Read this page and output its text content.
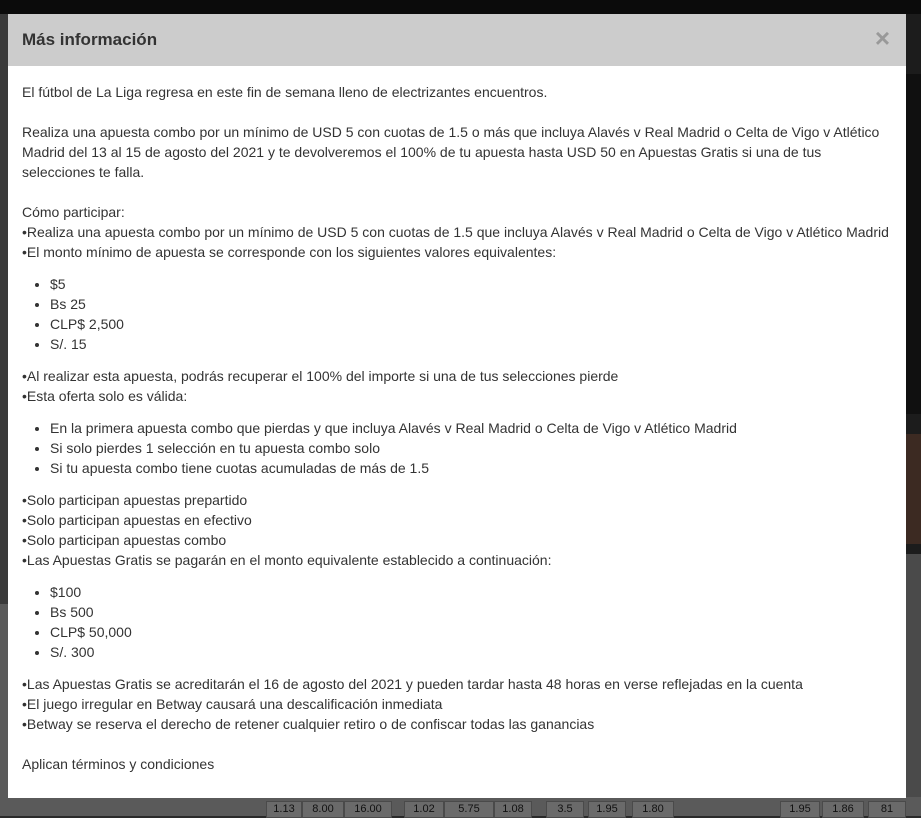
1.13	8.00	16.00	1.02	5.75	1.08	3.5	1.95	1.80	1.95	1.86	81
Más información	×

El fútbol de La Liga regresa en este fin de semana lleno de electrizantes encuentros.

Realiza una apuesta combo por un mínimo de USD 5 con cuotas de 1.5 o más que incluya Alavés v Real Madrid o Celta de Vigo v Atlético Madrid del 13 al 15 de agosto del 2021 y te devolveremos el 100% de tu apuesta hasta USD 50 en Apuestas Gratis si una de tus selecciones te falla.

Cómo participar:

•Realiza una apuesta combo por un mínimo de USD 5 con cuotas de 1.5 que incluya Alavés v Real Madrid o Celta de Vigo v Atlético Madrid

•El monto mínimo de apuesta se corresponde con los siguientes valores equivalentes:

• $5
• Bs 25
• CLP$ 2,500
• S/. 15

•Al realizar esta apuesta, podrás recuperar el 100% del importe si una de tus selecciones pierde

•Esta oferta solo es válida:

• En la primera apuesta combo que pierdas y que incluya Alavés v Real Madrid o Celta de Vigo v Atlético Madrid
• Si solo pierdes 1 selección en tu apuesta combo solo
• Si tu apuesta combo tiene cuotas acumuladas de más de 1.5

•Solo participan apuestas prepartido

•Solo participan apuestas en efectivo

•Solo participan apuestas combo

•Las Apuestas Gratis se pagarán en el monto equivalente establecido a continuación:

• $100
• Bs 500
• CLP$ 50,000
• S/. 300

•Las Apuestas Gratis se acreditarán el 16 de agosto del 2021 y pueden tardar hasta 48 horas en verse reflejadas en la cuenta

•El juego irregular en Betway causará una descalificación inmediata

•Betway se reserva el derecho de retener cualquier retiro o de confiscar todas las ganancias

Aplican términos y condiciones
